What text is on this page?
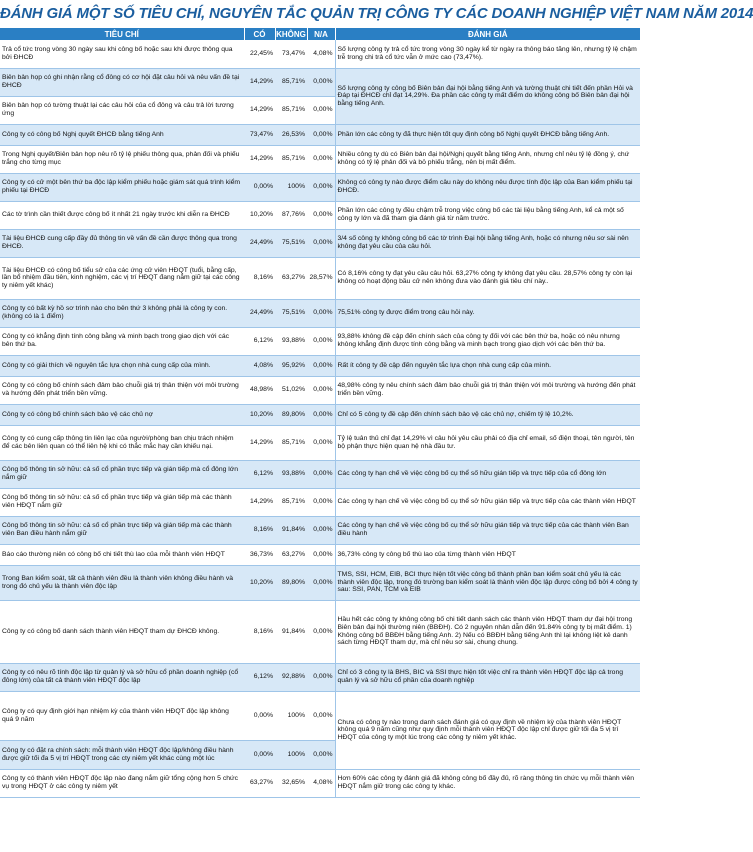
ĐÁNH GIÁ MỘT SỐ TIÊU CHÍ, NGUYÊN TẮC QUẢN TRỊ CÔNG TY CÁC DOANH NGHIỆP VIỆT NAM NĂM 2014
TIÊU CHÍ	CÓ	KHÔNG	N/A	ĐÁNH GIÁ
Trả cổ tức trong vòng 30 ngày sau khi công bố hoặc sau khi được thông qua bởi ĐHCĐ	22,45%	73,47%	4,08%	Số lượng công ty trả cổ tức trong vòng 30 ngày kể từ ngày ra thông báo tăng lên, nhưng tỷ lệ chậm trễ trong chi trả cổ tức vẫn ở mức cao (73,47%).
Biên bản họp có ghi nhận rằng cổ đông có cơ hội đặt câu hỏi và nêu vấn đề tại ĐHCĐ	14,29%	85,71%	0,00%	Số lượng công ty công bố Biên bản đại hội bằng tiếng Anh và tường thuật chi tiết đến phần Hỏi và Đáp tại ĐHCĐ chỉ đạt 14,29%. Đa phần các công ty mất điểm do không công bố Biên bản đại hội bằng tiếng Anh.
Biên bản họp có tường thuật lại các câu hỏi của cổ đông và câu trả lời tương ứng	14,29%	85,71%	0,00%	
Công ty có công bố Nghị quyết ĐHCĐ bằng tiếng Anh	73,47%	26,53%	0,00%	Phần lớn các công ty đã thực hiện tốt quy định công bố Nghị quyết ĐHCĐ bằng tiếng Anh.
Trong Nghị quyết/Biên bản họp nêu rõ tỷ lệ phiếu thông qua, phản đối và phiếu trắng cho từng mục	14,29%	85,71%	0,00%	Nhiều công ty dù có Biên bản đại hội/Nghị quyết bằng tiếng Anh, nhưng chỉ nêu tỷ lệ đồng ý, chứ không có tỷ lệ phản đối và bỏ phiếu trắng, nên bị mất điểm.
Công ty có cử một bên thứ ba độc lập kiểm phiếu hoặc giám sát quá trình kiểm phiếu tại ĐHCĐ	0,00%	100%	0,00%	Không có công ty nào được điểm câu này do không nêu được tính độc lập của Ban kiểm phiếu tại ĐHCĐ.
Các tờ trình cần thiết được công bố ít nhất 21 ngày trước khi diễn ra ĐHCĐ	10,20%	87,76%	0,00%	Phần lớn các công ty đều chậm trễ trong việc công bố các tài liệu bằng tiếng Anh, kể cả một số công ty lớn và đã tham gia đánh giá từ năm trước.
Tài liệu ĐHCĐ cung cấp đầy đủ thông tin về vấn đề cần được thông qua trong ĐHCĐ.	24,49%	75,51%	0,00%	3/4 số công ty không công bố các tờ trình Đại hội bằng tiếng Anh, hoặc có nhưng nêu sơ sài nên không đạt yêu cầu của câu hỏi.
Tài liệu ĐHCĐ có công bố tiểu sử của các ứng cử viên HĐQT (tuổi, bằng cấp, lần bổ nhiệm đầu tiên, kinh nghiệm, các vị trí HĐQT đang nắm giữ tại các công ty niêm yết khác)	8,16%	63,27%	28,57%	Có 8,16% công ty đạt yêu cầu câu hỏi. 63,27% công ty không đạt yêu cầu. 28,57% công ty còn lại không có hoạt động bầu cử nên không đưa vào đánh giá tiêu chí này..
Công ty có bất kỳ hồ sơ trình nào cho bên thứ 3 không phải là công ty con. (không có là 1 điểm)	24,49%	75,51%	0,00%	75,51% công ty được điểm trong câu hỏi này.
Công ty có khẳng định tính công bằng và minh bạch trong giao dịch với các bên thứ ba.	6,12%	93,88%	0,00%	93,88% không đề cập đến chính sách của công ty đối với các bên thứ ba, hoặc có nêu nhưng không khẳng định được tính công bằng và minh bạch trong giao dịch với các bên thứ ba.
Công ty có giải thích về nguyên tắc lựa chọn nhà cung cấp của mình.	4,08%	95,92%	0,00%	Rất ít công ty đề cập đến nguyên tắc lựa chọn nhà cung cấp của mình.
Công ty có công bố chính sách đảm bảo chuỗi giá trị thân thiện với môi trường và hướng đến phát triển bền vững.	48,98%	51,02%	0,00%	48,98% công ty nêu chính sách đảm bảo chuỗi giá trị thân thiện với môi trường và hướng đến phát triển bền vững.
Công ty có công bố chính sách bảo vệ các chủ nợ	10,20%	89,80%	0,00%	Chỉ có 5 công ty đề cập đến chính sách bảo vệ các chủ nợ, chiếm tỷ lệ 10,2%.
Công ty có cung cấp thông tin liên lạc của người/phòng ban chịu trách nhiệm để các bên liên quan có thể liên hệ khi có thắc mắc hay cần khiếu nại.	14,29%	85,71%	0,00%	Tỷ lệ tuân thủ chỉ đạt 14,29% vì câu hỏi yêu cầu phải có địa chỉ email, số điện thoại, tên người, tên bộ phận thực hiện quan hệ nhà đầu tư.
Công bố thông tin sở hữu: cả số cổ phần trực tiếp và gián tiếp mà cổ đông lớn nắm giữ	6,12%	93,88%	0,00%	Các công ty hạn chế về việc công bố cụ thể số hữu gián tiếp và trực tiếp của cổ đông lớn
Công bố thông tin sở hữu: cả số cổ phần trực tiếp và gián tiếp mà các thành viên HĐQT nắm giữ	14,29%	85,71%	0,00%	Các công ty hạn chế về việc công bố cụ thể sở hữu gián tiếp và trực tiếp của các thành viên HĐQT
Công bố thông tin sở hữu: cả số cổ phần trực tiếp và gián tiếp mà các thành viên Ban điều hành nắm giữ	8,16%	91,84%	0,00%	Các công ty hạn chế về việc công bố cụ thể sở hữu gián tiếp và trực tiếp của các thành viên Ban điều hành
Báo cáo thường niên có công bố chi tiết thù lao của mỗi thành viên HĐQT	36,73%	63,27%	0,00%	36,73% công ty công bố thù lao của từng thành viên HĐQT
Trong Ban kiểm soát, tất cả thành viên đều là thành viên không điều hành và trong đó chủ yếu là thành viên độc lập	10,20%	89,80%	0,00%	TMS, SSI, HCM, EIB, BCI thực hiện tốt việc công bố thành phần ban kiểm soát chủ yếu là các thành viên độc lập, trong đó trường ban kiểm soát là thành viên độc lập được công bố bởi 4 công ty sau: SSI, PAN, TCM và EIB
Công ty có công bố danh sách thành viên HĐQT tham dự ĐHCĐ không.	8,16%	91,84%	0,00%	Hầu hết các công ty không công bố chi tiết danh sách các thành viên HĐQT tham dự đại hội trong Biên bản đại hội thường niên (BBĐH). Có 2 nguyên nhân dẫn đến 91.84% công ty bị mất điểm. 1) Không công bố BBĐH bằng tiếng Anh. 2) Nếu có BBĐH bằng tiếng Anh thì lại không liệt kê danh sách từng HĐQT tham dự, mà chỉ nêu sơ sài, chung chung.
Công ty có nêu rõ tính độc lập từ quản lý và sở hữu cổ phần doanh nghiệp (cổ đông lớn) của tất cả thành viên HĐQT độc lập	6,12%	92,88%	0,00%	Chỉ có 3 công ty là BHS, BIC và SSI thực hiện tốt việc chỉ ra thành viên HĐQT độc lập cả trong quản lý và sở hữu cổ phần của doanh nghiệp
Công ty có quy định giới hạn nhiệm kỳ của thành viên HĐQT độc lập không quá 9 năm	0,00%	100%	0,00%	Chưa có công ty nào trong danh sách đánh giá có quy định về nhiệm kỳ của thành viên HĐQT không quá 9 năm cũng như quy định mỗi thành viên HĐQT độc lập chỉ được giữ tối đa 5 vị trí HĐQT của công ty một lúc trong các công ty niêm yết khác.
Công ty có đặt ra chính sách: mỗi thành viên HĐQT độc lập/không điều hành được giữ tối đa 5 vị trí HĐQT trong các cty niêm yết khác cùng một lúc	0,00%	100%	0,00%	
Công ty có thành viên HĐQT độc lập nào đang nắm giữ tổng cộng hơn 5 chức vụ trong HĐQT ở các công ty niêm yết	63,27%	32,65%	4,08%	Hơn 60% các công ty đánh giá đã không công bố đầy đủ, rõ ràng thông tin chức vụ mỗi thành viên HĐQT nắm giữ trong các công ty khác.
